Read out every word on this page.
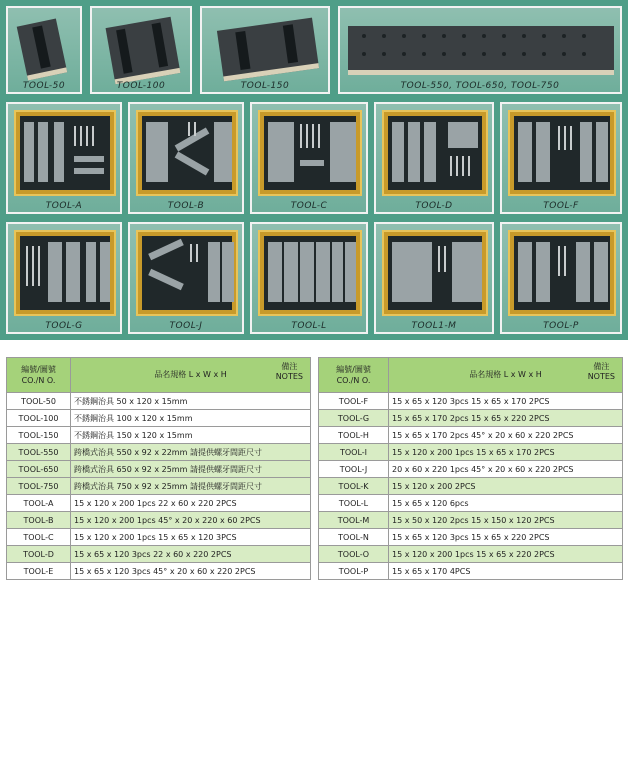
TOOL-50	TOOL-100	TOOL-150	TOOL-550, TOOL-650, TOOL-750
TOOL-A	TOOL-B	TOOL-C	TOOL-D	TOOL-F
TOOL-G	TOOL-J	TOOL-L	TOOL1-M	TOOL-P
編號/圖號
CO./N O.	品名規格 L x W x H
備注
NOTES

TOOL-50	不銹鋼治具 50 x 120 x 15mm
TOOL-100	不銹鋼治具 100 x 120 x 15mm
TOOL-150	不銹鋼治具 150 x 120 x 15mm
TOOL-550	跨橋式治具 550 x 92 x 22mm 請提供螺牙間距尺寸
TOOL-650	跨橋式治具 650 x 92 x 25mm 請提供螺牙間距尺寸
TOOL-750	跨橋式治具 750 x 92 x 25mm 請提供螺牙間距尺寸
TOOL-A	15 x 120 x 200 1pcs 22 x 60 x 220 2PCS
TOOL-B	15 x 120 x 200 1pcs 45° x 20 x 220 x 60 2PCS
TOOL-C	15 x 120 x 200 1pcs 15 x 65 x 120 3PCS
TOOL-D	15 x 65 x 120 3pcs 22 x 60 x 220 2PCS
TOOL-E	15 x 65 x 120 3pcs 45° x 20 x 60 x 220 2PCS
編號/圖號
CO./N O.	品名規格 L x W x H
備注
NOTES

TOOL-F	15 x 65 x 120 3pcs 15 x 65 x 170 2PCS
TOOL-G	15 x 65 x 170 2pcs 15 x 65 x 220 2PCS
TOOL-H	15 x 65 x 170 2pcs 45° x 20 x 60 x 220 2PCS
TOOL-I	15 x 120 x 200 1pcs 15 x 65 x 170 2PCS
TOOL-J	20 x 60 x 220 1pcs 45° x 20 x 60 x 220 2PCS
TOOL-K	15 x 120 x 200 2PCS
TOOL-L	15 x 65 x 120 6pcs
TOOL-M	15 x 50 x 120 2pcs 15 x 150 x 120 2PCS
TOOL-N	15 x 65 x 120 3pcs 15 x 65 x 220 2PCS
TOOL-O	15 x 120 x 200 1pcs 15 x 65 x 220 2PCS
TOOL-P	15 x 65 x 170 4PCS
